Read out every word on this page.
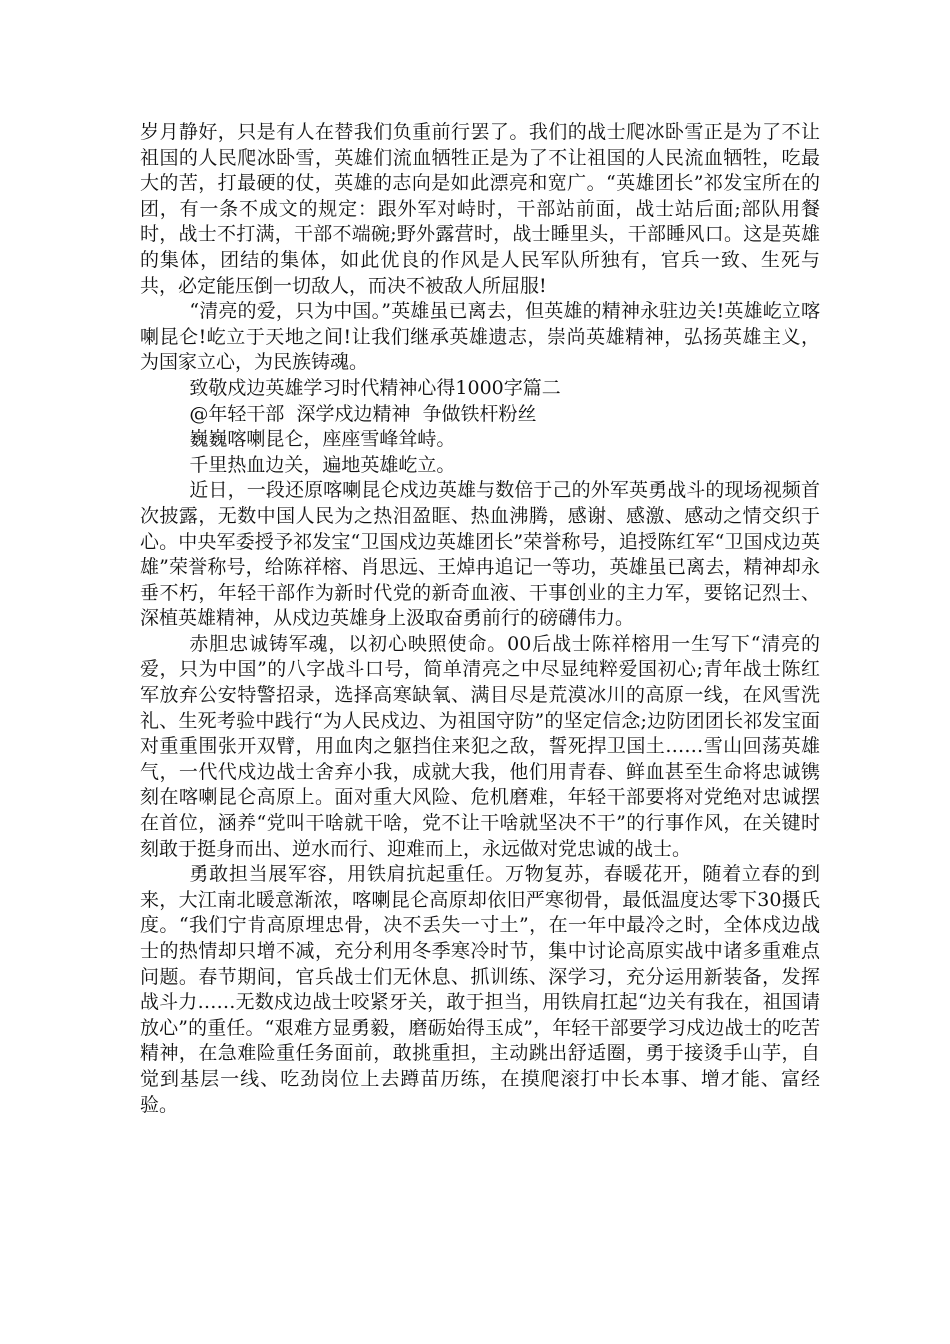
岁月静好，只是有人在替我们负重前行罢了。我们的战士爬冰卧雪正是为了不让祖国的人民爬冰卧雪，英雄们流血牺牲正是为了不让祖国的人民流血牺牲，吃最大的苦，打最硬的仗，英雄的志向是如此漂亮和宽广。“英雄团长”祁发宝所在的团，有一条不成文的规定：跟外军对峙时，干部站前面，战士站后面;部队用餐时，战士不打满，干部不端碗;野外露营时，战士睡里头，干部睡风口。这是英雄的集体，团结的集体，如此优良的作风是人民军队所独有，官兵一致、生死与共，必定能压倒一切敌人，而决不被敌人所屈服!

“清亮的爱，只为中国。”英雄虽已离去，但英雄的精神永驻边关!英雄屹立喀喇昆仑!屹立于天地之间!让我们继承英雄遗志，崇尚英雄精神，弘扬英雄主义，为国家立心，为民族铸魂。

致敬戍边英雄学习时代精神心得1000字篇二

@年轻干部  深学戍边精神  争做铁杆粉丝

巍巍喀喇昆仑，座座雪峰耸峙。

千里热血边关，遍地英雄屹立。

近日，一段还原喀喇昆仑戍边英雄与数倍于己的外军英勇战斗的现场视频首次披露，无数中国人民为之热泪盈眶、热血沸腾，感谢、感激、感动之情交织于心。中央军委授予祁发宝“卫国戍边英雄团长”荣誉称号，追授陈红军“卫国戍边英雄”荣誉称号，给陈祥榕、肖思远、王焯冉追记一等功，英雄虽已离去，精神却永垂不朽，年轻干部作为新时代党的新奇血液、干事创业的主力军，要铭记烈士、深植英雄精神，从戍边英雄身上汲取奋勇前行的磅礴伟力。

赤胆忠诚铸军魂，以初心映照使命。00后战士陈祥榕用一生写下“清亮的爱，只为中国”的八字战斗口号，简单清亮之中尽显纯粹爱国初心;青年战士陈红军放弃公安特警招录，选择高寒缺氧、满目尽是荒漠冰川的高原一线，在风雪洗礼、生死考验中践行“为人民戍边、为祖国守防”的坚定信念;边防团团长祁发宝面对重重围张开双臂，用血肉之躯挡住来犯之敌，誓死捍卫国土……雪山回荡英雄气，一代代戍边战士舍弃小我，成就大我，他们用青春、鲜血甚至生命将忠诚镌刻在喀喇昆仑高原上。面对重大风险、危机磨难，年轻干部要将对党绝对忠诚摆在首位，涵养“党叫干啥就干啥，党不让干啥就坚决不干”的行事作风，在关键时刻敢于挺身而出、逆水而行、迎难而上，永远做对党忠诚的战士。

勇敢担当展军容，用铁肩抗起重任。万物复苏，春暖花开，随着立春的到来，大江南北暖意渐浓，喀喇昆仑高原却依旧严寒彻骨，最低温度达零下30摄氏度。“我们宁肯高原埋忠骨，决不丢失一寸土”，在一年中最冷之时，全体戍边战士的热情却只增不减，充分利用冬季寒冷时节，集中讨论高原实战中诸多重难点问题。春节期间，官兵战士们无休息、抓训练、深学习，充分运用新装备，发挥战斗力……无数戍边战士咬紧牙关，敢于担当，用铁肩扛起“边关有我在，祖国请放心”的重任。“艰难方显勇毅，磨砺始得玉成”，年轻干部要学习戍边战士的吃苦精神，在急难险重任务面前，敢挑重担，主动跳出舒适圈，勇于接烫手山芋，自觉到基层一线、吃劲岗位上去蹲苗历练，在摸爬滚打中长本事、增才能、富经验。
